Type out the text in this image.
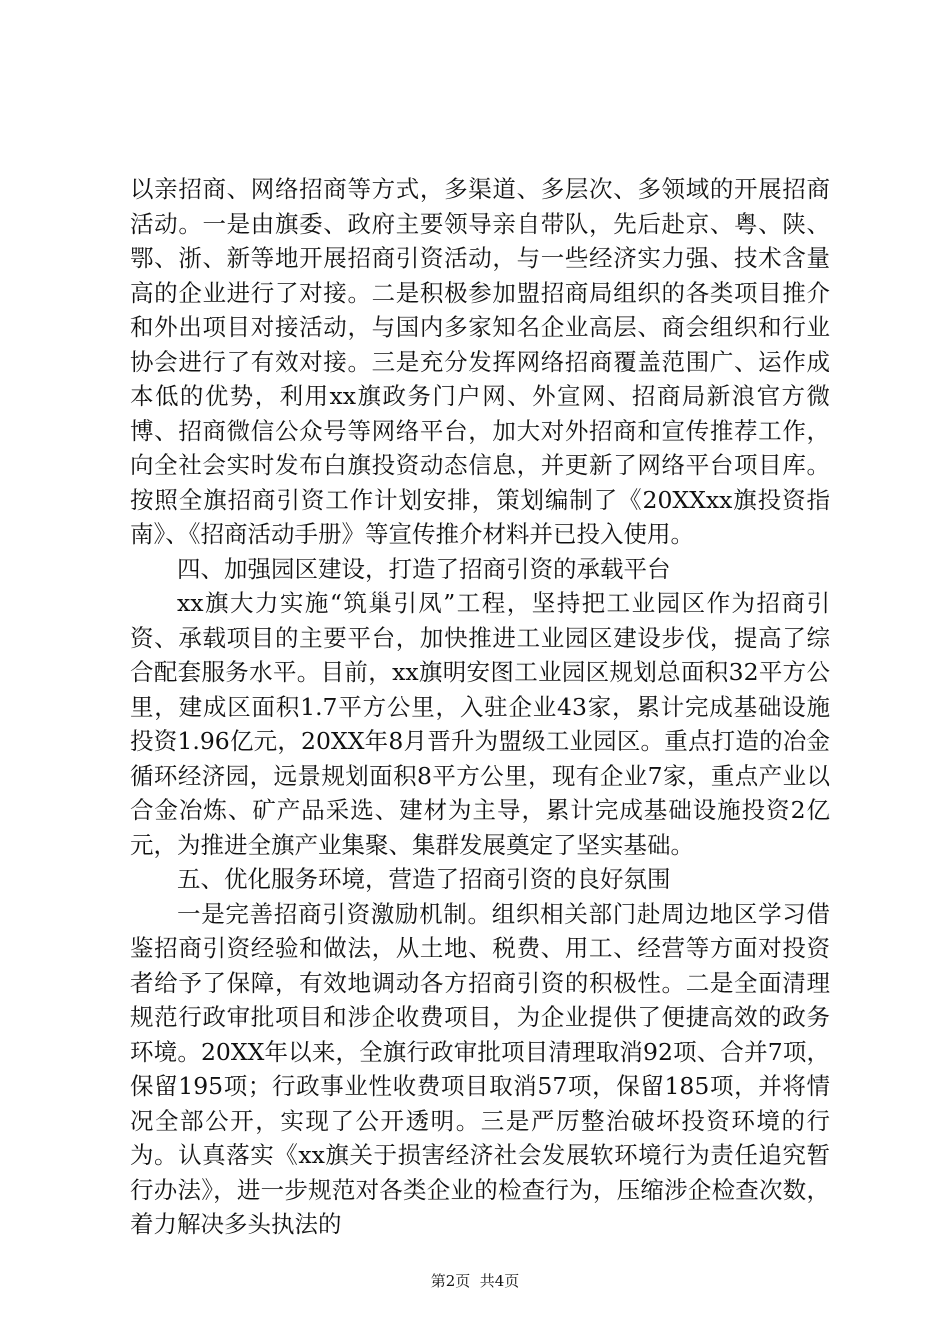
以亲招商、网络招商等方式，多渠道、多层次、多领域的开展招商活动。一是由旗委、政府主要领导亲自带队，先后赴京、粤、陕、鄂、浙、新等地开展招商引资活动，与一些经济实力强、技术含量高的企业进行了对接。二是积极参加盟招商局组织的各类项目推介和外出项目对接活动，与国内多家知名企业高层、商会组织和行业协会进行了有效对接。三是充分发挥网络招商覆盖范围广、运作成本低的优势，利用xx旗政务门户网、外宣网、招商局新浪官方微博、招商微信公众号等网络平台，加大对外招商和宣传推荐工作，向全社会实时发布白旗投资动态信息，并更新了网络平台项目库。按照全旗招商引资工作计划安排，策划编制了《20XXxx旗投资指南》、《招商活动手册》等宣传推介材料并已投入使用。

四、加强园区建设，打造了招商引资的承载平台

xx旗大力实施“筑巢引凤”工程，坚持把工业园区作为招商引资、承载项目的主要平台，加快推进工业园区建设步伐，提高了综合配套服务水平。目前，xx旗明安图工业园区规划总面积32平方公里，建成区面积1.7平方公里，入驻企业43家，累计完成基础设施投资1.96亿元，20XX年8月晋升为盟级工业园区。重点打造的冶金循环经济园，远景规划面积8平方公里，现有企业7家，重点产业以合金冶炼、矿产品采选、建材为主导，累计完成基础设施投资2亿元，为推进全旗产业集聚、集群发展奠定了坚实基础。

五、优化服务环境，营造了招商引资的良好氛围

一是完善招商引资激励机制。组织相关部门赴周边地区学习借鉴招商引资经验和做法，从土地、税费、用工、经营等方面对投资者给予了保障，有效地调动各方招商引资的积极性。二是全面清理规范行政审批项目和涉企收费项目，为企业提供了便捷高效的政务环境。20XX年以来，全旗行政审批项目清理取消92项、合并7项，保留195项；行政事业性收费项目取消57项，保留185项，并将情况全部公开，实现了公开透明。三是严厉整治破坏投资环境的行为。认真落实《xx旗关于损害经济社会发展软环境行为责任追究暂行办法》，进一步规范对各类企业的检查行为，压缩涉企检查次数，着力解决多头执法的

第2页  共4页
